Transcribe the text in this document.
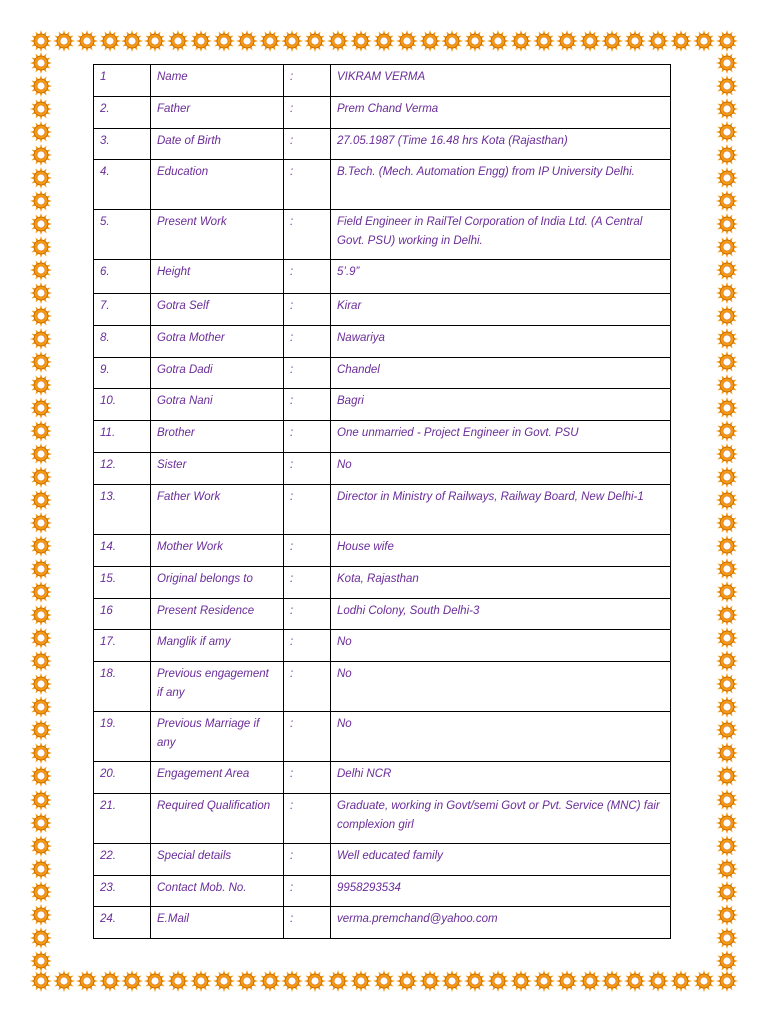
1	Name	:	VIKRAM VERMA
2.	Father	:	Prem Chand Verma
3.	Date of Birth	:	27.05.1987 (Time 16.48 hrs Kota (Rajasthan)
4.	Education	:	B.Tech. (Mech. Automation Engg) from IP University Delhi.
5.	Present Work	:	Field Engineer in RailTel Corporation of India Ltd. (A Central Govt. PSU) working in Delhi.
6.	Height	:	5’.9”
7.	Gotra Self	:	Kirar
8.	Gotra Mother	:	Nawariya
9.	Gotra Dadi	:	Chandel
10.	Gotra Nani	:	Bagri
11.	Brother	:	One unmarried - Project Engineer in Govt. PSU
12.	Sister	:	No
13.	Father Work	:	Director in Ministry of Railways, Railway Board, New Delhi-1
14.	Mother Work	:	House wife
15.	Original belongs to	:	Kota, Rajasthan
16	Present Residence	:	Lodhi Colony, South Delhi-3
17.	Manglik if amy	:	No
18.	Previous engagement if any	:	No
19.	Previous Marriage if any	:	No
20.	Engagement Area	:	Delhi NCR
21.	Required Qualification	:	Graduate, working in Govt/semi Govt or Pvt. Service (MNC) fair complexion girl
22.	Special details	:	Well educated family
23.	Contact Mob. No.	:	9958293534
24.	E.Mail	:	verma.premchand@yahoo.com
